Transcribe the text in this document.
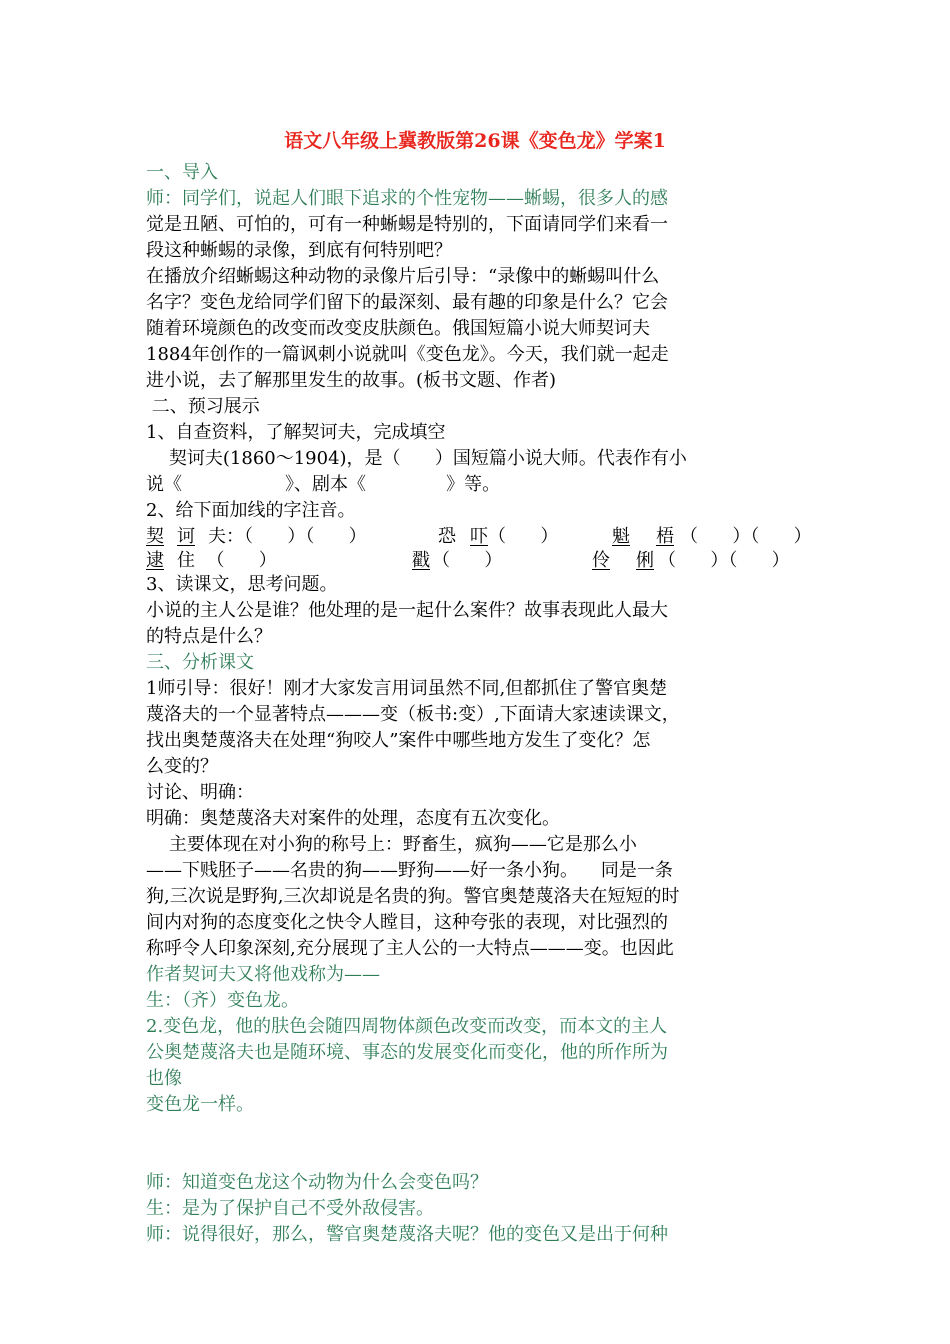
语文八年级上冀教版第26课《变色龙》学案1
一、导入
师：同学们，说起人们眼下追求的个性宠物——蜥蜴，很多人的感
觉是丑陋、可怕的，可有一种蜥蜴是特别的，下面请同学们来看一
段这种蜥蜴的录像，到底有何特别吧？
在播放介绍蜥蜴这种动物的录像片后引导：“录像中的蜥蜴叫什么
名字？变色龙给同学们留下的最深刻、最有趣的印象是什么？它会
随着环境颜色的改变而改变皮肤颜色。俄国短篇小说大师契诃夫
1884年创作的一篇讽刺小说就叫《变色龙》。今天，我们就一起走
进小说，去了解那里发生的故事。(板书文题、作者)
二、预习展示
1、自查资料，了解契诃夫，完成填空
契诃夫(1860～1904)，是（      ）国短篇小说大师。代表作有小
说《                  》、剧本《              》等。
2、给下面加线的字注音。
契 诃 夫：（      ）（      ）	恐 吓 （      ）	魁 梧 （      ）（      ）
逮 住  （      ）	戳 （      ）	伶 俐 （      ）（      ）
3、读课文，思考问题。
小说的主人公是谁？他处理的是一起什么案件？故事表现此人最大
的特点是什么？
三、分析课文
1师引导：很好！刚才大家发言用词虽然不同,但都抓住了警官奥楚
蔑洛夫的一个显著特点———变（板书:变）,下面请大家速读课文，
找出奥楚蔑洛夫在处理“狗咬人”案件中哪些地方发生了变化？怎
么变的？
讨论、明确：
明确：奥楚蔑洛夫对案件的处理，态度有五次变化。
主要体现在对小狗的称号上：野畜生，疯狗——它是那么小
——下贱胚子——名贵的狗——野狗——好一条小狗。    同是一条
狗,三次说是野狗,三次却说是名贵的狗。警官奥楚蔑洛夫在短短的时
间内对狗的态度变化之快令人瞠目，这种夸张的表现，对比强烈的
称呼令人印象深刻,充分展现了主人公的一大特点———变。也因此
作者契诃夫又将他戏称为——
生：（齐）变色龙。
2.变色龙，他的肤色会随四周物体颜色改变而改变，而本文的主人
公奥楚蔑洛夫也是随环境、事态的发展变化而变化，他的所作所为
也像
变色龙一样。
师：知道变色龙这个动物为什么会变色吗？
生：是为了保护自己不受外敌侵害。
师：说得很好，那么，警官奥楚蔑洛夫呢？他的变色又是出于何种
